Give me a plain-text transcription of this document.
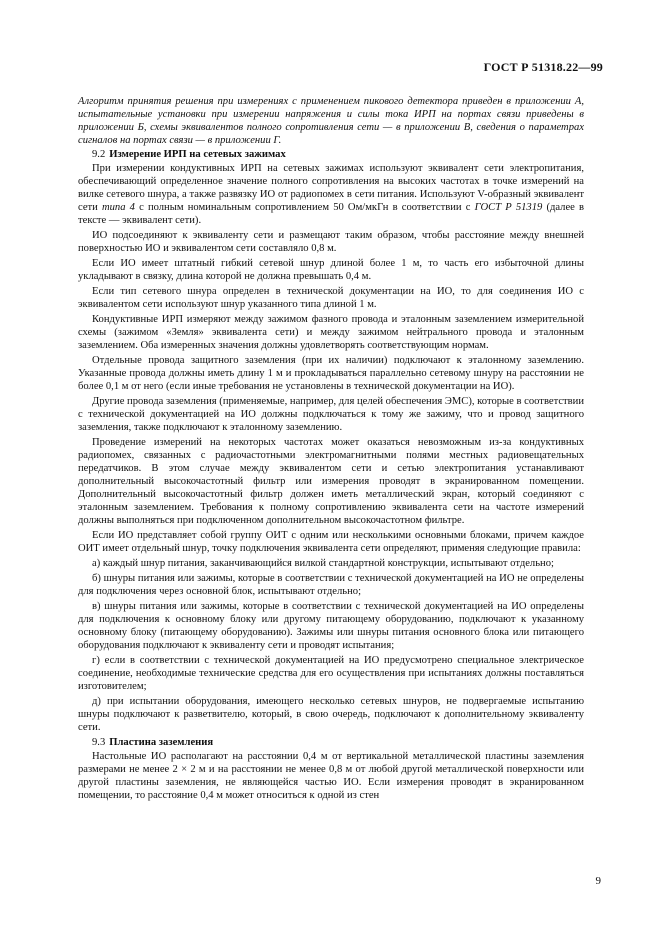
ГОСТ Р 51318.22—99

Алгоритм принятия решения при измерениях с применением пикового детектора приведен в приложении А, испытательные установки при измерении напряжения и силы тока ИРП на портах связи приведены в приложении Б, схемы эквивалентов полного сопротивления сети — в приложении В, сведения о параметрах сигналов на портах связи — в приложении Г.

9.2 Измерение ИРП на сетевых зажимах

При измерении кондуктивных ИРП на сетевых зажимах используют эквивалент сети электропитания, обеспечивающий определенное значение полного сопротивления на высоких частотах в точке измерений на вилке сетевого шнура, а также развязку ИО от радиопомех в сети питания. Используют V-образный эквивалент сети типа 4 с полным номинальным сопротивлением 50 Ом/мкГн в соответствии с ГОСТ Р 51319 (далее в тексте — эквивалент сети).

ИО подсоединяют к эквиваленту сети и размещают таким образом, чтобы расстояние между внешней поверхностью ИО и эквивалентом сети составляло 0,8 м.

Если ИО имеет штатный гибкий сетевой шнур длиной более 1 м, то часть его избыточной длины укладывают в связку, длина которой не должна превышать 0,4 м.

Если тип сетевого шнура определен в технической документации на ИО, то для соединения ИО с эквивалентом сети используют шнур указанного типа длиной 1 м.

Кондуктивные ИРП измеряют между зажимом фазного провода и эталонным заземлением измерительной схемы (зажимом «Земля» эквивалента сети) и между зажимом нейтрального провода и эталонным заземлением. Оба измеренных значения должны удовлетворять соответствующим нормам.

Отдельные провода защитного заземления (при их наличии) подключают к эталонному заземлению. Указанные провода должны иметь длину 1 м и прокладываться параллельно сетевому шнуру на расстоянии не более 0,1 м от него (если иные требования не установлены в технической документации на ИО).

Другие провода заземления (применяемые, например, для целей обеспечения ЭМС), которые в соответствии с технической документацией на ИО должны подключаться к тому же зажиму, что и провод защитного заземления, также подключают к эталонному заземлению.

Проведение измерений на некоторых частотах может оказаться невозможным из-за кондуктивных радиопомех, связанных с радиочастотными электромагнитными полями местных радиовещательных передатчиков. В этом случае между эквивалентом сети и сетью электропитания устанавливают дополнительный высокочастотный фильтр или измерения проводят в экранированном помещении. Дополнительный высокочастотный фильтр должен иметь металлический экран, который соединяют с эталонным заземлением. Требования к полному сопротивлению эквивалента сети на частоте измерений должны выполняться при подключенном дополнительном высокочастотном фильтре.

Если ИО представляет собой группу ОИТ с одним или несколькими основными блоками, причем каждое ОИТ имеет отдельный шнур, точку подключения эквивалента сети определяют, применяя следующие правила:

а) каждый шнур питания, заканчивающийся вилкой стандартной конструкции, испытывают отдельно;

б) шнуры питания или зажимы, которые в соответствии с технической документацией на ИО не определены для подключения через основной блок, испытывают отдельно;

в) шнуры питания или зажимы, которые в соответствии с технической документацией на ИО определены для подключения к основному блоку или другому питающему оборудованию, подключают к указанному основному блоку (питающему оборудованию). Зажимы или шнуры питания основного блока или питающего оборудования подключают к эквиваленту сети и проводят испытания;

г) если в соответствии с технической документацией на ИО предусмотрено специальное электрическое соединение, необходимые технические средства для его осуществления при испытаниях должны поставляться изготовителем;

д) при испытании оборудования, имеющего несколько сетевых шнуров, не подвергаемые испытанию шнуры подключают к разветвителю, который, в свою очередь, подключают к дополнительному эквиваленту сети.

9.3 Пластина заземления

Настольные ИО располагают на расстоянии 0,4 м от вертикальной металлической пластины заземления размерами не менее 2 × 2 м и на расстоянии не менее 0,8 м от любой другой металлической поверхности или другой пластины заземления, не являющейся частью ИО. Если измерения проводят в экранированном помещении, то расстояние 0,4 м может относиться к одной из стен

9
